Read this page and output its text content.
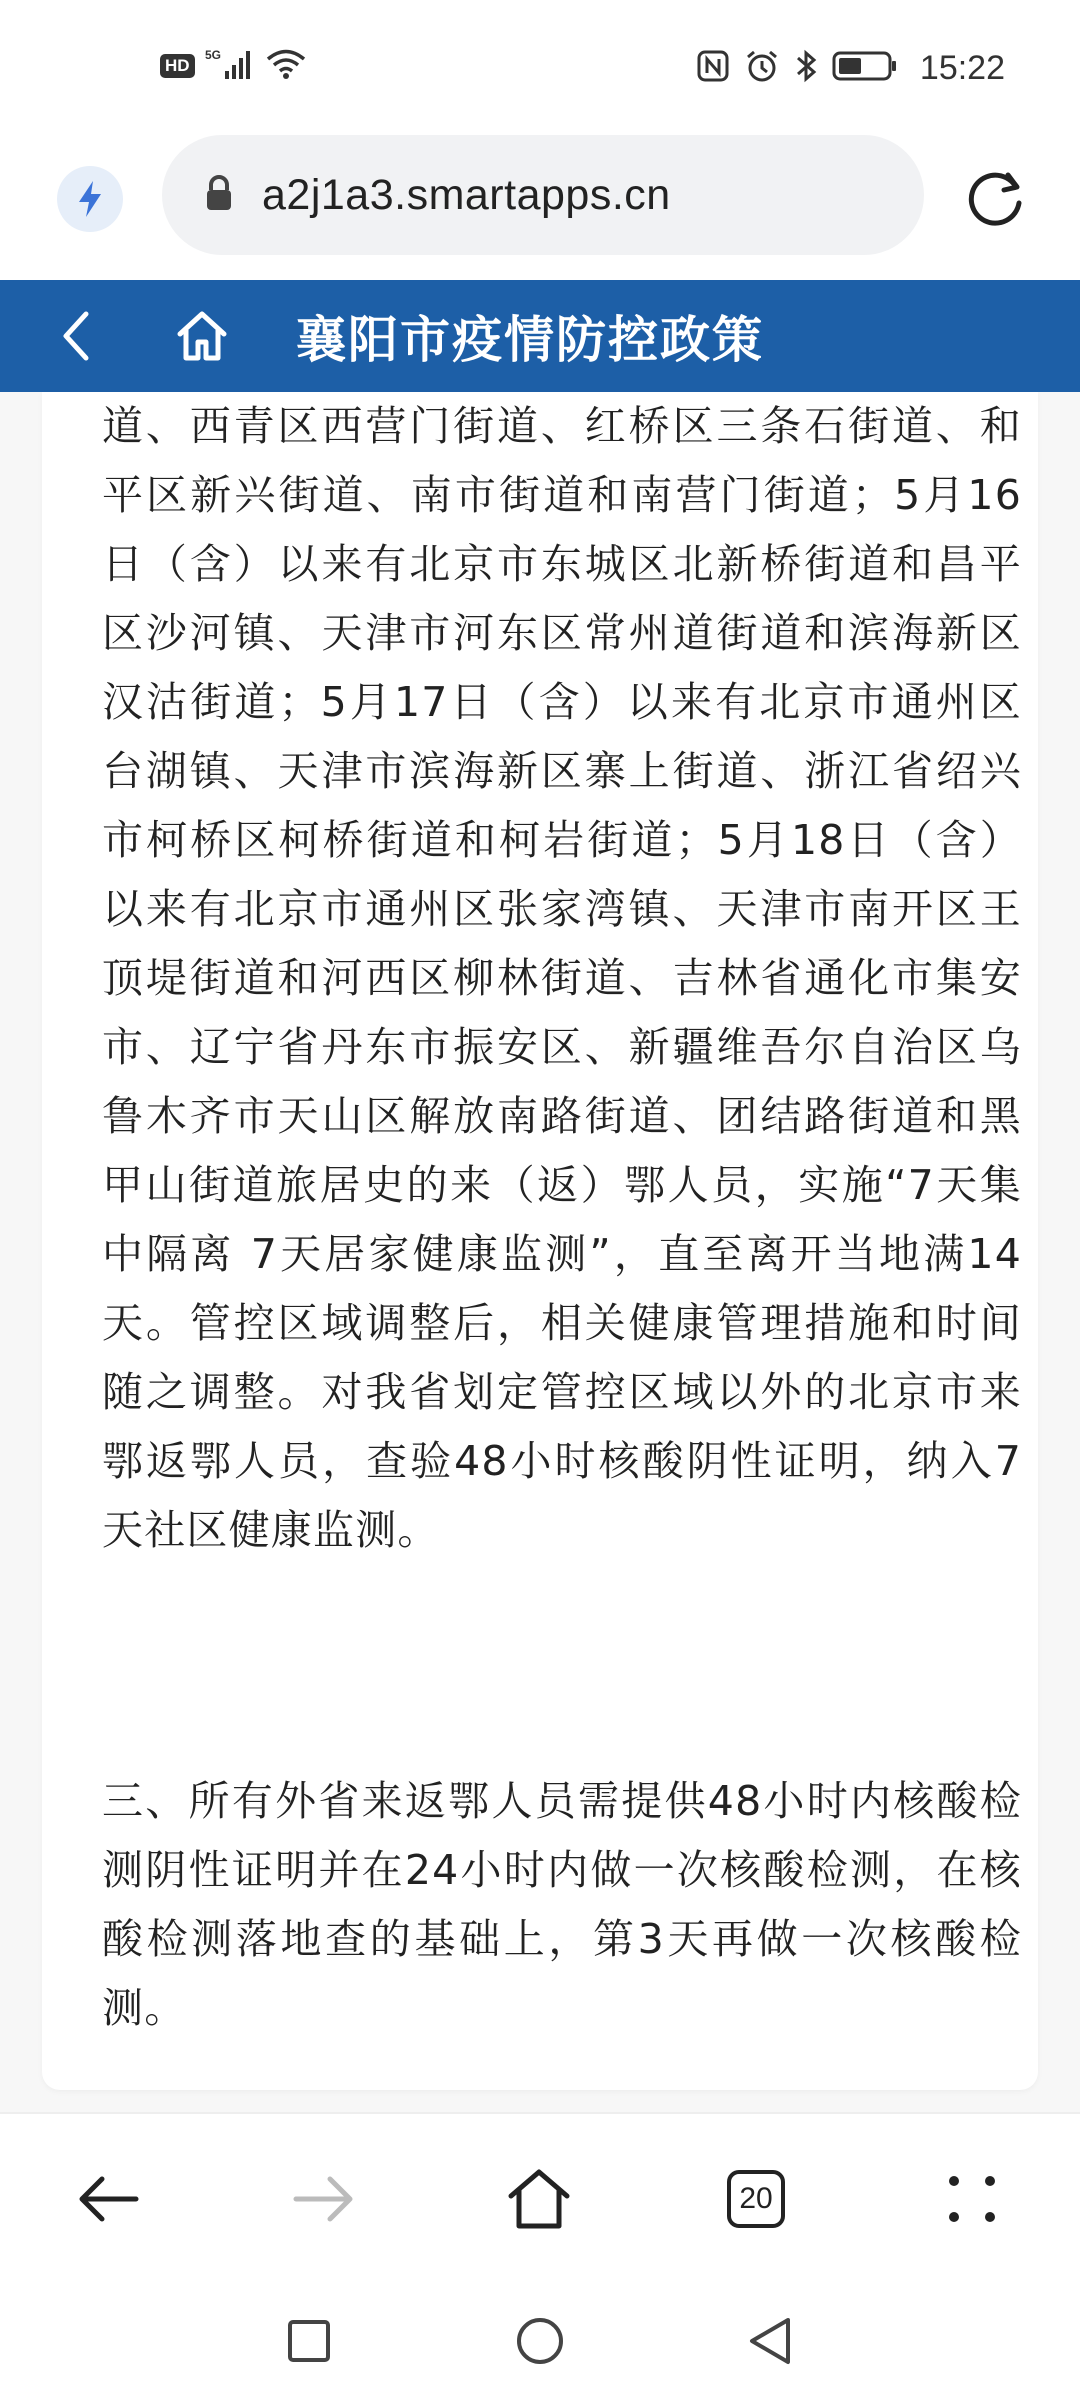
HD
5G	15:22
a2j1a3.smartapps.cn
襄阳市疫情防控政策

道、西青区西营门街道、红桥区三条石街道、和平区新兴街道、南市街道和南营门街道；5月16日（含）以来有北京市东城区北新桥街道和昌平区沙河镇、天津市河东区常州道街道和滨海新区汉沽街道；5月17日（含）以来有北京市通州区台湖镇、天津市滨海新区寨上街道、浙江省绍兴市柯桥区柯桥街道和柯岩街道；5月18日（含）以来有北京市通州区张家湾镇、天津市南开区王顶堤街道和河西区柳林街道、吉林省通化市集安市、辽宁省丹东市振安区、新疆维吾尔自治区乌鲁木齐市天山区解放南路街道、团结路街道和黑甲山街道旅居史的来（返）鄂人员，实施“7天集中隔离 7天居家健康监测”，直至离开当地满14天。管控区域调整后，相关健康管理措施和时间随之调整。对我省划定管控区域以外的北京市来鄂返鄂人员，查验48小时核酸阴性证明，纳入7天社区健康监测。

三、所有外省来返鄂人员需提供48小时内核酸检测阴性证明并在24小时内做一次核酸检测，在核酸检测落地查的基础上，第3天再做一次核酸检测。

20
